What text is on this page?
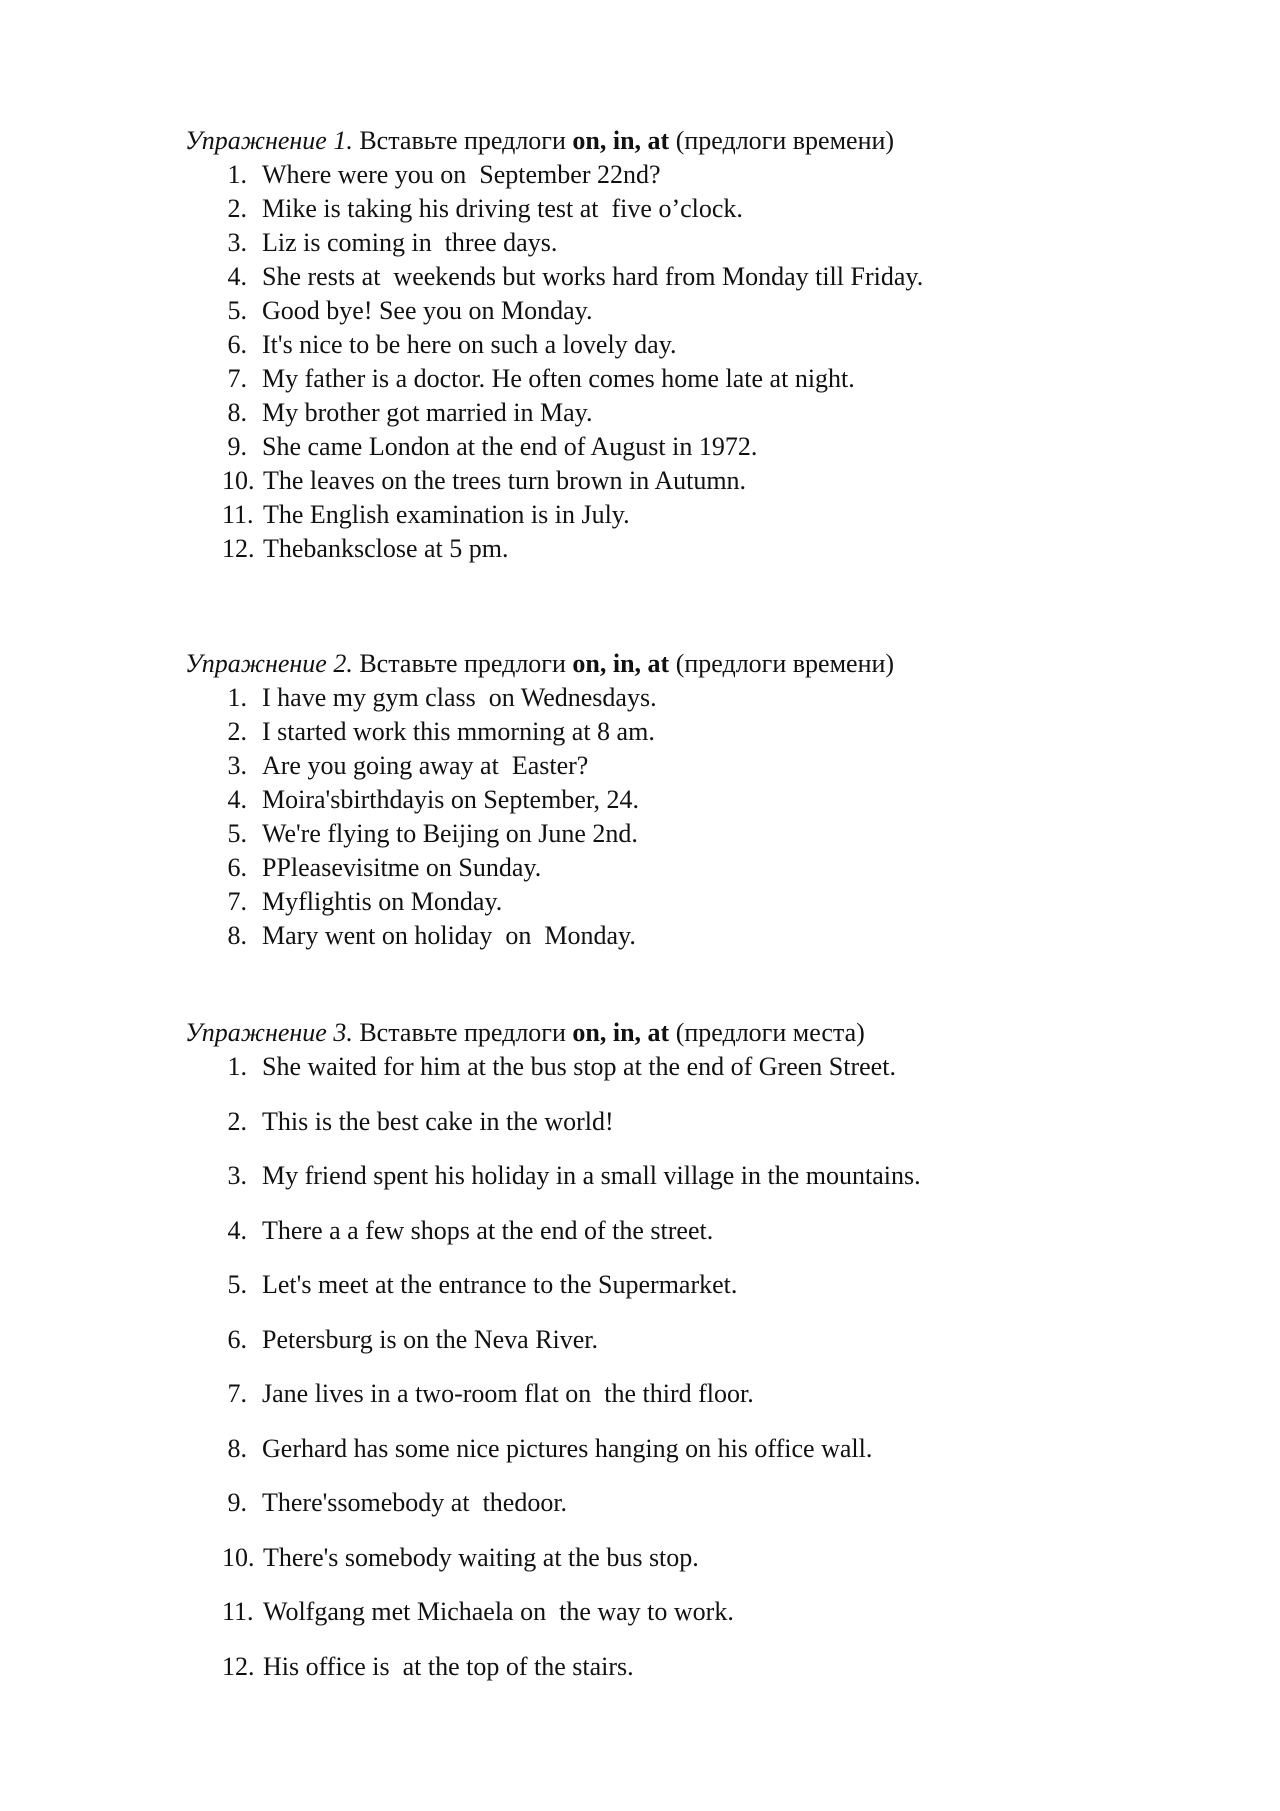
Упражнение 1. Вставьте предлоги on, in, at (предлоги времени)
1. Where were you on  September 22nd?
2. Mike is taking his driving test at  five o’clock.
3. Liz is coming in  three days.
4. She rests at  weekends but works hard from Monday till Friday.
5. Good bye! See you on Monday.
6. It's nice to be here on such a lovely day.
7. My father is a doctor. He often comes home late at night.
8. My brother got married in May.
9. She came London at the end of August in 1972.
10. The leaves on the trees turn brown in Autumn.
11. The English examination is in July.
12. Thebanksclose at 5 pm.
Упражнение 2. Вставьте предлоги on, in, at (предлоги времени)
1. I have my gym class  on Wednesdays.
2. I started work this mmorning at 8 am.
3. Are you going away at  Easter?
4. Moira'sbirthdayis on September, 24.
5. We're flying to Beijing on June 2nd.
6. PPleasevisitme on Sunday.
7. Myflightis on Monday.
8. Mary went on holiday  on  Monday.
Упражнение 3. Вставьте предлоги on, in, at (предлоги места)
1. She waited for him at the bus stop at the end of Green Street.
2. This is the best cake in the world!
3. My friend spent his holiday in a small village in the mountains.
4. There a a few shops at the end of the street.
5. Let's meet at the entrance to the Supermarket.
6. Petersburg is on the Neva River.
7. Jane lives in a two-room flat on  the third floor.
8. Gerhard has some nice pictures hanging on his office wall.
9. There'ssomebody at  thedoor.
10. There's somebody waiting at the bus stop.
11. Wolfgang met Michaela on  the way to work.
12. His office is  at the top of the stairs.
